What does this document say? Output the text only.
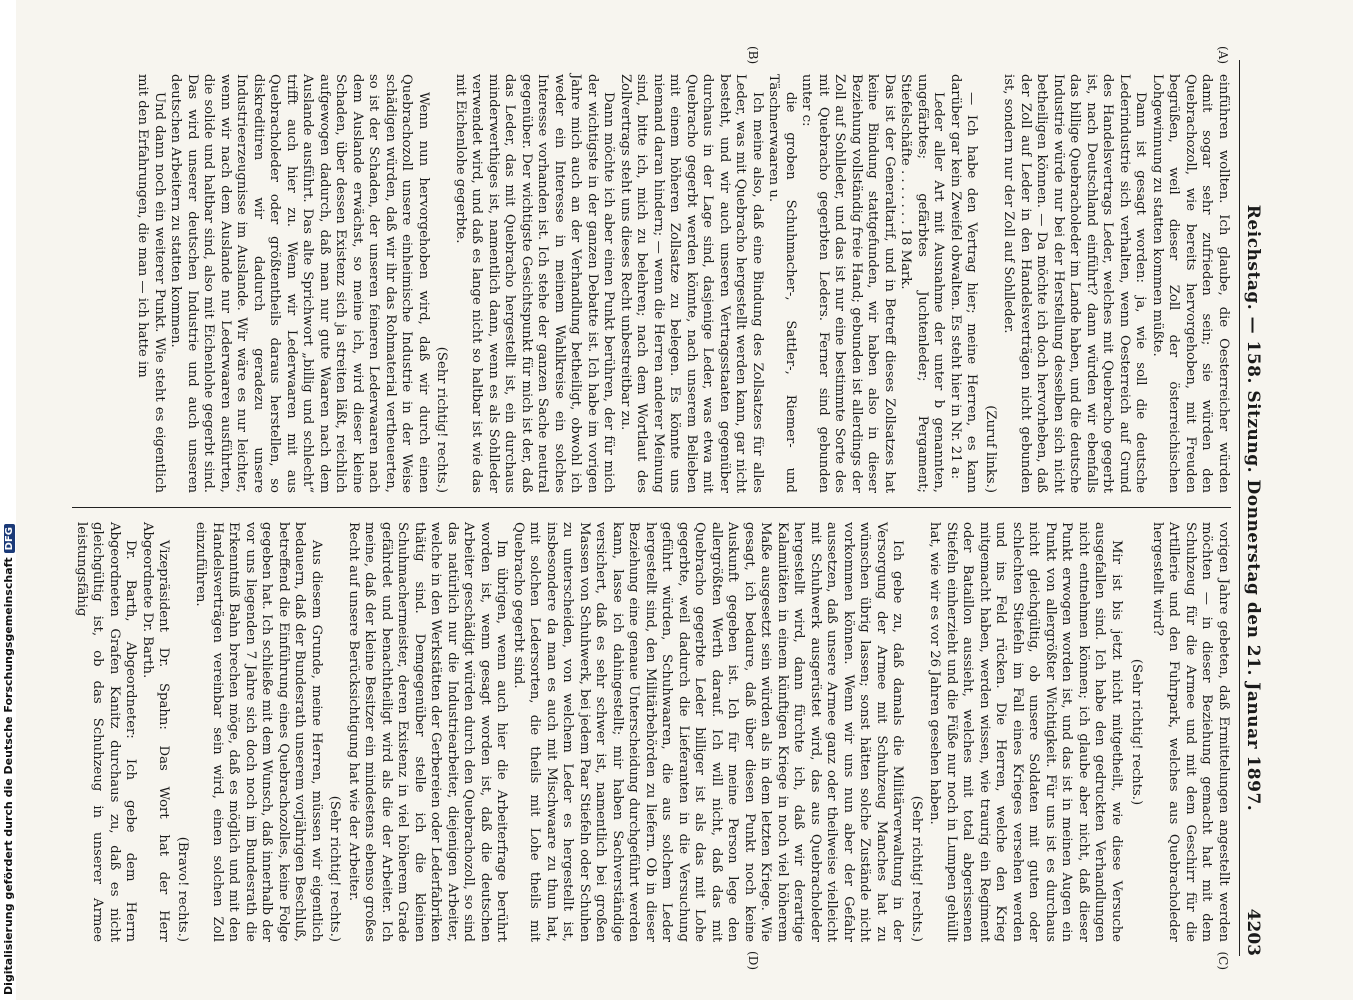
Digitalisierung gefördert durch die Deutsche ForschungsgemeinschaftDFG	Reichstag. — 158. Sitzung. Donnerstag den 21. Januar 1897.
4203
(A)
(B)

einführen wollten. Ich glaube, die Oesterreicher würden damit sogar sehr zufrieden sein; sie würden den Quebrachozoll, wie bereits hervorgehoben, mit Freuden begrüßen, weil dieser Zoll der österreichischen Lohgewinnung zu statten kommen müßte.

Dann ist gesagt worden: ja, wie soll die deutsche Lederindustrie sich verhalten, wenn Oesterreich auf Grund des Handelsvertrags Leder, welches mit Quebracho gegerbt ist, nach Deutschland einführt? dann würden wir ebenfalls das billige Quebracholeder im Lande haben, und die deutsche Industrie würde nur bei der Herstellung desselben sich nicht betheiligen können. — Da möchte ich doch hervorheben, daß der Zoll auf Leder in den Handelsverträgen nicht gebunden ist, sondern nur der Zoll auf Sohlleder.

(Zuruf links.)

— Ich habe den Vertrag hier; meine Herren, es kann darüber gar kein Zweifel obwalten. Es steht hier in Nr. 21 a:

Leder aller Art mit Ausnahme der unter b genannten, ungefärbtes; gefärbtes Juchtenleder; Pergament; Stiefelschäfte . . . . . . . 18 Mark.

Das ist der Generaltarif, und in Betreff dieses Zollsatzes hat keine Bindung stattgefunden, wir haben also in dieser Beziehung vollständig freie Hand; gebunden ist allerdings der Zoll auf Sohlleder, und das ist nur eine bestimmte Sorte des mit Quebracho gegerbten Leders. Ferner sind gebunden unter c:

die groben Schuhmacher-, Sattler-, Riemer- und Täschnerwaaren u.

Ich meine also, daß eine Bindung des Zollsatzes für alles Leder, was mit Quebracho hergestellt werden kann, gar nicht besteht, und wir auch unseren Vertragsstaaten gegenüber durchaus in der Lage sind, dasjenige Leder, was etwa mit Quebracho gegerbt werden könnte, nach unserem Belieben mit einem höheren Zollsatze zu belegen. Es könnte uns niemand daran hindern; — wenn die Herren anderer Meinung sind, bitte ich, mich zu belehren; nach dem Wortlaut des Zollvertrags steht uns dieses Recht unbestreitbar zu.

Dann möchte ich aber einen Punkt berühren, der für mich der wichtigste in der ganzen Debatte ist. Ich habe im vorigen Jahre mich auch an der Verhandlung betheiligt, obwohl ich weder ein Interesse in meinem Wahlkreise ein solches Interesse vorhanden ist. Ich stehe der ganzen Sache neutral gegenüber. Der wichtigste Gesichtspunkt für mich ist der, daß das Leder, das mit Quebracho hergestellt ist, ein durchaus minderwerthiges ist, namentlich dann, wenn es als Sohlleder verwendet wird, und daß es lange nicht so haltbar ist wie das mit Eichenlohe gegerbte.

(Sehr richtig! rechts.)

Wenn nun hervorgehoben wird, daß wir durch einen Quebrachozoll unsere einheimische Industrie in der Weise schädigen würden, daß wir ihr das Rohmaterial vertheuerten, so ist der Schaden, der unseren feineren Lederwaaren nach dem Auslande erwächst, so meine ich, wird dieser kleine Schaden, über dessen Existenz sich ja streiten läßt, reichlich aufgewogen dadurch, daß man nur gute Waaren nach dem Auslande ausführt. Das alte Sprichwort „billig und schlecht“ trifft auch hier zu. Wenn wir Lederwaaren mit aus Quebracholeder oder größtentheils daraus herstellen, so diskreditiren wir dadurch geradezu unsere Industrieerzeugnisse im Auslande. Wir wäre es nur leichter, wenn wir nach dem Auslande nur Lederwaaren ausführten, die solide und haltbar sind, also mit Eichenlohe gegerbt sind. Das wird unserer deutschen Industrie und auch unseren deutschen Arbeitern zu statten kommen.

Und dann noch ein weiterer Punkt. Wie steht es eigentlich mit den Erfahrungen, die man — ich hatte im

(C)
(D)

vorigen Jahre gebeten, daß Ermittelungen angestellt werden möchten — in dieser Beziehung gemacht hat mit dem Schuhzeug für die Armee und mit dem Geschirr für die Artillerie und den Fuhrpark, welches aus Quebracholeder hergestellt wird?

(Sehr richtig! rechts.)

Mir ist bis jetzt nicht mitgetheilt, wie diese Versuche ausgefallen sind. Ich habe den gedruckten Verhandlungen nicht entnehmen können; ich glaube aber nicht, daß dieser Punkt erwogen worden ist, und das ist in meinen Augen ein Punkt von allergrößter Wichtigkeit. Für uns ist es durchaus nicht gleichgültig, ob unsere Soldaten mit guten oder schlechten Stiefeln im Fall eines Krieges versehen werden und ins Feld rücken. Die Herren, welche den Krieg mitgemacht haben, werden wissen, wie traurig ein Regiment oder Bataillon aussieht, welches mit total abgerissenen Stiefeln einherzieht und die Füße nur noch in Lumpen gehüllt hat, wie wir es vor 26 Jahren gesehen haben.

(Sehr richtig! rechts.)

Ich gebe zu, daß damals die Militärverwaltung in der Versorgung der Armee mit Schuhzeug Manches hat zu wünschen übrig lassen; sonst hätten solche Zustände nicht vorkommen können. Wenn wir uns nun aber der Gefahr aussetzen, daß unsere Armee ganz oder theilweise vielleicht mit Schuhwerk ausgerüstet wird, das aus Quebracholeder hergestellt wird, dann fürchte ich, daß wir derartige Kalamitäten in einem künftigen Kriege in noch viel höherem Maße ausgesetzt sein würden als in dem letzten Kriege. Wie gesagt, ich bedaure, daß über diesen Punkt noch keine Auskunft gegeben ist. Ich für meine Person lege den allergrößten Werth darauf. Ich will nicht, daß das mit Quebracho gegerbte Leder billiger ist als das mit Lohe gegerbte, weil dadurch die Lieferanten in die Versuchung geführt würden, Schuhwaaren, die aus solchem Leder hergestellt sind, den Militärbehörden zu liefern. Ob in dieser Beziehung eine genaue Unterscheidung durchgeführt werden kann, lasse ich dahingestellt; mir haben Sachverständige versichert, daß es sehr schwer ist, namentlich bei großen Massen von Schuhwerk, bei jedem Paar Stiefeln oder Schuhen zu unterscheiden, von welchem Leder es hergestellt ist, insbesondere da man es auch mit Mischwaare zu thun hat, mit solchen Ledersorten, die theils mit Lohe theils mit Quebracho gegerbt sind.

Im übrigen, wenn auch hier die Arbeiterfrage berührt worden ist, wenn gesagt worden ist, daß die deutschen Arbeiter geschädigt würden durch den Quebrachozoll, so sind das natürlich nur die Industriearbeiter, diejenigen Arbeiter, welche in den Werkstätten der Gerbereien oder Lederfabriken thätig sind. Demgegenüber stelle ich die kleinen Schuhmachermeister, deren Existenz in viel höherem Grade gefährdet und benachtheiligt wird als die der Arbeiter. Ich meine, daß der kleine Besitzer ein mindestens ebenso großes Recht auf unsere Berücksichtigung hat wie der Arbeiter.

(Sehr richtig! rechts.)

Aus diesem Grunde, meine Herren, müssen wir eigentlich bedauern, daß der Bundesrath unserem vorjährigen Beschluß, betreffend die Einführung eines Quebrachozolles, keine Folge gegeben hat. Ich schließe mit dem Wunsch, daß innerhalb der vor uns liegenden 7 Jahre sich doch noch im Bundesrath die Erkenntniß Bahn brechen möge, daß es möglich und mit den Handelsverträgen vereinbar sein wird, einen solchen Zoll einzuführen.

(Bravo! rechts.)

Vizepräsident Dr. Spahn: Das Wort hat der Herr Abgeordnete Dr. Barth.

Dr. Barth, Abgeordneter: Ich gebe dem Herrn Abgeordneten Grafen Kanitz durchaus zu, daß es nicht gleichgültig ist, ob das Schuhzeug in unserer Armee leistungsfähig
